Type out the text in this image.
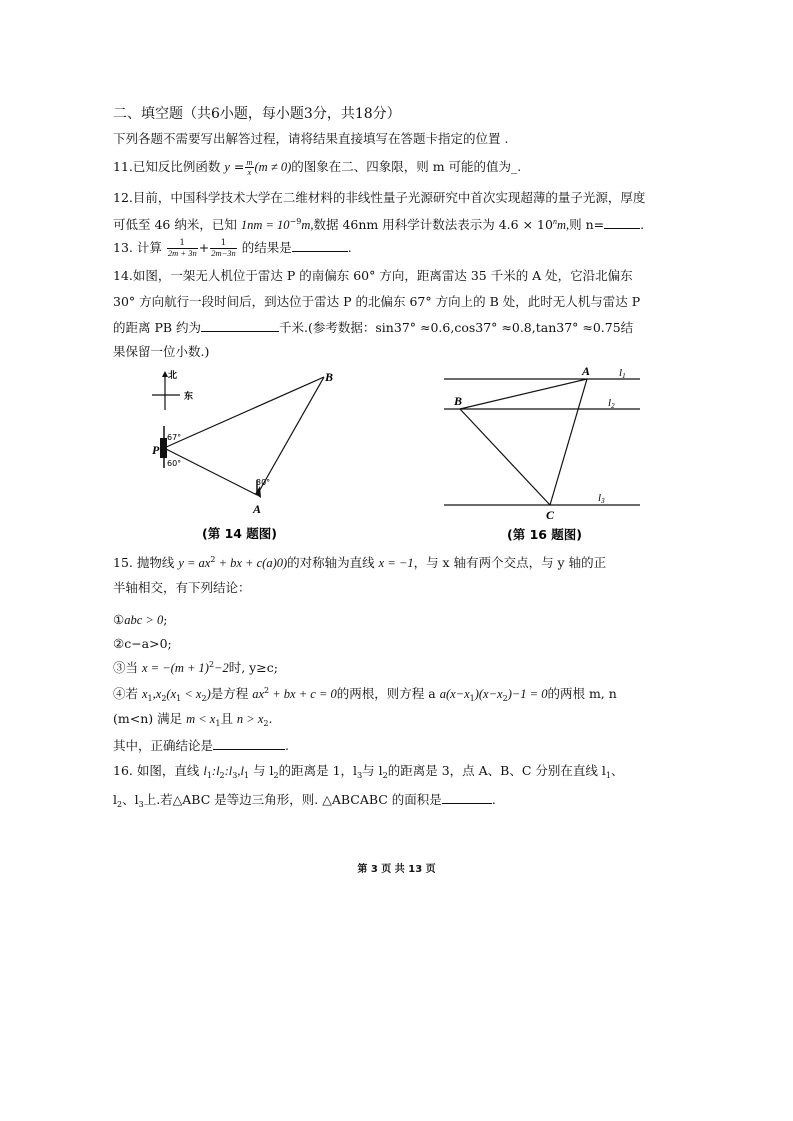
二、填空题（共6小题，每小题3分，共18分）
下列各题不需要写出解答过程，请将结果直接填写在答题卡指定的位置 .
11.已知反比例函数 $y = \frac{m}{x} (m \ne 0)$的图象在二、四象限，则 m 可能的值为_.
12.目前，中国科学技术大学在二维材料的非线性量子光源研究中首次实现超薄的量子光源，厚度
可低至 46 纳米，已知 $1nm = 10^{-9}m$,数据 46nm 用科学计数法表示为 $4.6 \times 10^nm$,则 n=	.
13. 计算 $\frac{1}{2m + 3n} + \frac{1}{2m-3n}$ 的结果是	.
14.如图，一架无人机位于雷达 P 的南偏东 60° 方向，距离雷达 35 千米的 A 处，它沿北偏东
30° 方向航行一段时间后，到达位于雷达 P 的北偏东 67° 方向上的 B 处，此时无人机与雷达 P
的距离 PB 约为	千米.(参考数据：sin37° ≈0.6,cos37° ≈0.8,tan37° ≈0.75结
果保留一位小数.)
北
东
67°
60°
30°
B
P
A
(第 14 题图)
A
B
C
l1
l2
l3
(第 16 题图)
15. 抛物线 $y = ax^2$ + bx + c(a)0)的对称轴为直线 x = −1，与 x 轴有两个交点，与 y 轴的正
半轴相交，有下列结论：
①abc > 0;
②c−a>0;
③当 $x = -(m + 1)^2-2$时, y≥c;
④若 $x_1,x_2(x_1 < x_2)$是方程 $ax^2$ + bx + c = 0的两根，则方程 a $a(x-x_1)(x-x_2)-1 = 0$的两根 m, n
(m<n) 满足 $m < x_1$且 $n > x_2$.
其中，正确结论是	.
16. 如图，直线 $l_1:l_2:l_3,l_1$ 与 $l_2$的距离是 1，$l_3$与 $l_2$的距离是 3，点 A、B、C 分别在直线 $l_1$、
$l_2$、$l_3$上.若△ABC 是等边三角形，则. △ABCABC 的面积是	.
第 3 页 共 13 页
